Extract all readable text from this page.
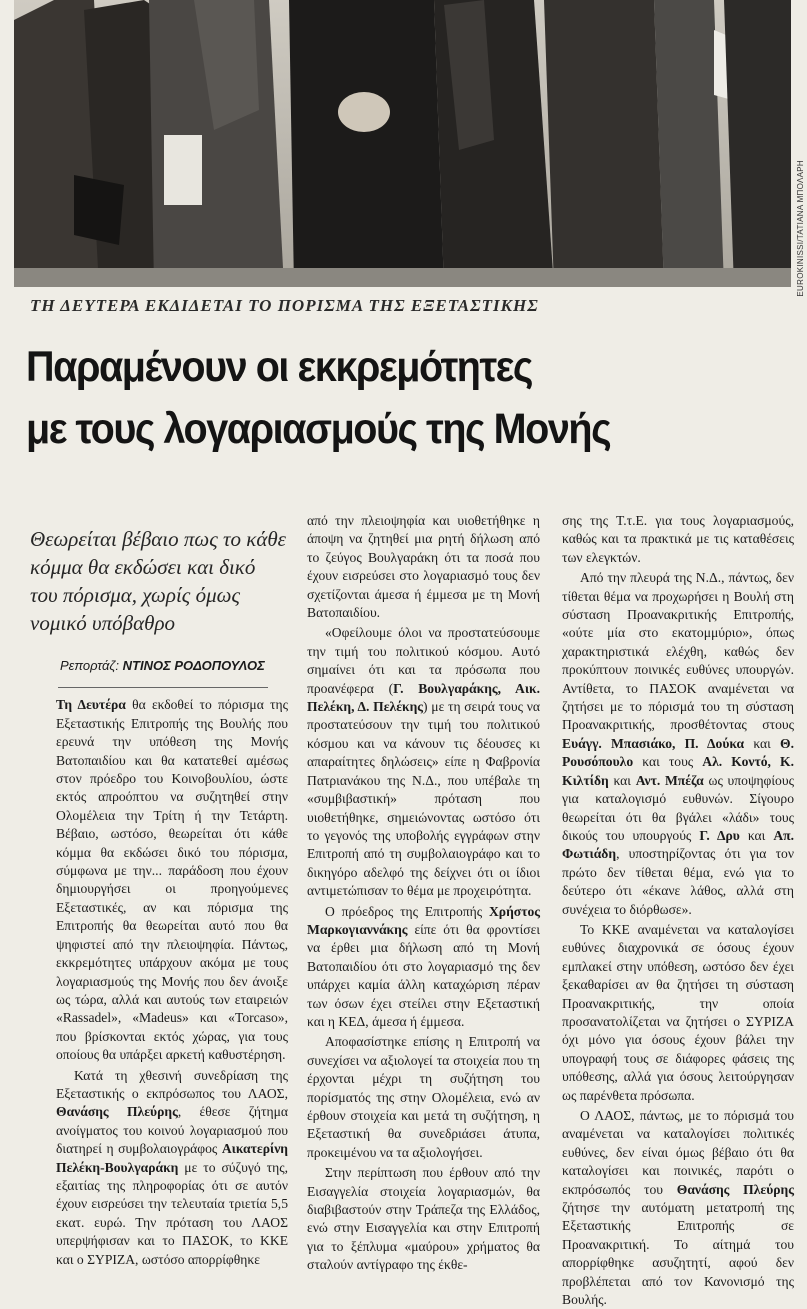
EUROKINISSI/ΤΑΤΙΑΝΑ ΜΠΟΛΑΡΗ
ΤΗ ΔΕΥΤΕΡΑ ΕΚΔΙΔΕΤΑΙ ΤΟ ΠΟΡΙΣΜΑ ΤΗΣ ΕΞΕΤΑΣΤΙΚΗΣ
Παραμένουν οι εκκρεμότητες
με τους λογαριασμούς της Μονής
Θεωρείται βέβαιο πως το κάθε κόμμα θα εκδώσει και δικό του πόρισμα, χωρίς όμως νομικό υπόβαθρο
Ρεπορτάζ: ΝΤΙΝΟΣ ΡΟΔΟΠΟΥΛΟΣ

Τη Δευτέρα θα εκδοθεί το πόρισμα της Εξεταστικής Επιτροπής της Βουλής που ερευνά την υπόθεση της Μονής Βατοπαιδίου και θα κατατεθεί αμέσως στον πρόεδρο του Κοινοβουλίου, ώστε εκτός απροόπτου να συζητηθεί στην Ολομέλεια την Τρίτη ή την Τετάρτη. Βέβαιο, ωστόσο, θεωρείται ότι κάθε κόμμα θα εκδώσει δικό του πόρισμα, σύμφωνα με την... παράδοση που έχουν δημιουργήσει οι προηγούμενες Εξεταστικές, αν και πόρισμα της Επιτροπής θα θεωρείται αυτό που θα ψηφιστεί από την πλειοψηφία. Πάντως, εκκρεμότητες υπάρχουν ακόμα με τους λογαριασμούς της Μονής που δεν άνοιξε ως τώρα, αλλά και αυτούς των εταιρειών «Rassadel», «Madeus» και «Torcaso», που βρίσκονται εκτός χώρας, για τους οποίους θα υπάρξει αρκετή καθυστέρηση.

Κατά τη χθεσινή συνεδρίαση της Εξεταστικής ο εκπρόσωπος του ΛΑΟΣ, Θανάσης Πλεύρης, έθεσε ζήτημα ανοίγματος του κοινού λογαριασμού που διατηρεί η συμβολαιογράφος Αικατερίνη Πελέκη-Βουλγαράκη με το σύζυγό της, εξαιτίας της πληροφορίας ότι σε αυτόν έχουν εισρεύσει την τελευταία τριετία 5,5 εκατ. ευρώ. Την πρόταση του ΛΑΟΣ υπερψήφισαν και το ΠΑΣΟΚ, το ΚΚΕ και ο ΣΥΡΙΖΑ, ωστόσο απορρίφθηκε

από την πλειοψηφία και υιοθετήθηκε η άποψη να ζητηθεί μια ρητή δήλωση από το ζεύγος Βουλγαράκη ότι τα ποσά που έχουν εισρεύσει στο λογαριασμό τους δεν σχετίζονται άμεσα ή έμμεσα με τη Μονή Βατοπαιδίου.

«Οφείλουμε όλοι να προστατεύσουμε την τιμή του πολιτικού κόσμου. Αυτό σημαίνει ότι και τα πρόσωπα που προανέφερα (Γ. Βουλγαράκης, Αικ. Πελέκη, Δ. Πελέκης) με τη σειρά τους να προστατεύσουν την τιμή του πολιτικού κόσμου και να κάνουν τις δέουσες κι απαραίτητες δηλώσεις» είπε η Φαβρονία Πατριανάκου της Ν.Δ., που υπέβαλε τη «συμβιβαστική» πρόταση που υιοθετήθηκε, σημειώνοντας ωστόσο ότι το γεγονός της υποβολής εγγράφων στην Επιτροπή από τη συμβολαιογράφο και το δικηγόρο αδελφό της δείχνει ότι οι ίδιοι αντιμετώπισαν το θέμα με προχειρότητα.

Ο πρόεδρος της Επιτροπής Χρήστος Μαρκογιαννάκης είπε ότι θα φροντίσει να έρθει μια δήλωση από τη Μονή Βατοπαιδίου ότι στο λογαριασμό της δεν υπάρχει καμία άλλη καταχώριση πέραν των όσων έχει στείλει στην Εξεταστική και η ΚΕΔ, άμεσα ή έμμεσα.

Αποφασίστηκε επίσης η Επιτροπή να συνεχίσει να αξιολογεί τα στοιχεία που τη έρχονται μέχρι τη συζήτηση του πορίσματός της στην Ολομέλεια, ενώ αν έρθουν στοιχεία και μετά τη συζήτηση, η Εξεταστική θα συνεδριάσει άτυπα, προκειμένου να τα αξιολογήσει.

Στην περίπτωση που έρθουν από την Εισαγγελία στοιχεία λογαριασμών, θα διαβιβαστούν στην Τράπεζα της Ελλάδος, ενώ στην Εισαγγελία και στην Επιτροπή για το ξέπλυμα «μαύρου» χρήματος θα σταλούν αντίγραφο της έκθε-

σης της Τ.τ.Ε. για τους λογαριασμούς, καθώς και τα πρακτικά με τις καταθέσεις των ελεγκτών.

Από την πλευρά της Ν.Δ., πάντως, δεν τίθεται θέμα να προχωρήσει η Βουλή στη σύσταση Προανακριτικής Επιτροπής, «ούτε μία στο εκατομμύριο», όπως χαρακτηριστικά ελέχθη, καθώς δεν προκύπτουν ποινικές ευθύνες υπουργών. Αντίθετα, το ΠΑΣΟΚ αναμένεται να ζητήσει με το πόρισμά του τη σύσταση Προανακριτικής, προσθέτοντας στους Ευάγγ. Μπασιάκο, Π. Δούκα και Θ. Ρουσόπουλο και τους Αλ. Κοντό, Κ. Κιλτίδη και Αντ. Μπέζα ως υποψηφίους για καταλογισμό ευθυνών. Σίγουρο θεωρείται ότι θα βγάλει «λάδι» τους δικούς του υπουργούς Γ. Δρυ και Απ. Φωτιάδη, υποστηρίζοντας ότι για τον πρώτο δεν τίθεται θέμα, ενώ για το δεύτερο ότι «έκανε λάθος, αλλά στη συνέχεια το διόρθωσε».

Το ΚΚΕ αναμένεται να καταλογίσει ευθύνες διαχρονικά σε όσους έχουν εμπλακεί στην υπόθεση, ωστόσο δεν έχει ξεκαθαρίσει αν θα ζητήσει τη σύσταση Προανακριτικής, την οποία προσανατολίζεται να ζητήσει ο ΣΥΡΙΖΑ όχι μόνο για όσους έχουν βάλει την υπογραφή τους σε διάφορες φάσεις της υπόθεσης, αλλά για όσους λειτούργησαν ως παρένθετα πρόσωπα.

Ο ΛΑΟΣ, πάντως, με το πόρισμά του αναμένεται να καταλογίσει πολιτικές ευθύνες, δεν είναι όμως βέβαιο ότι θα καταλογίσει και ποινικές, παρότι ο εκπρόσωπός του Θανάσης Πλεύρης ζήτησε την αυτόματη μετατροπή της Εξεταστικής Επιτροπής σε Προανακριτική. Το αίτημά του απορρίφθηκε ασυζητητί, αφού δεν προβλέπεται από τον Κανονισμό της Βουλής.
